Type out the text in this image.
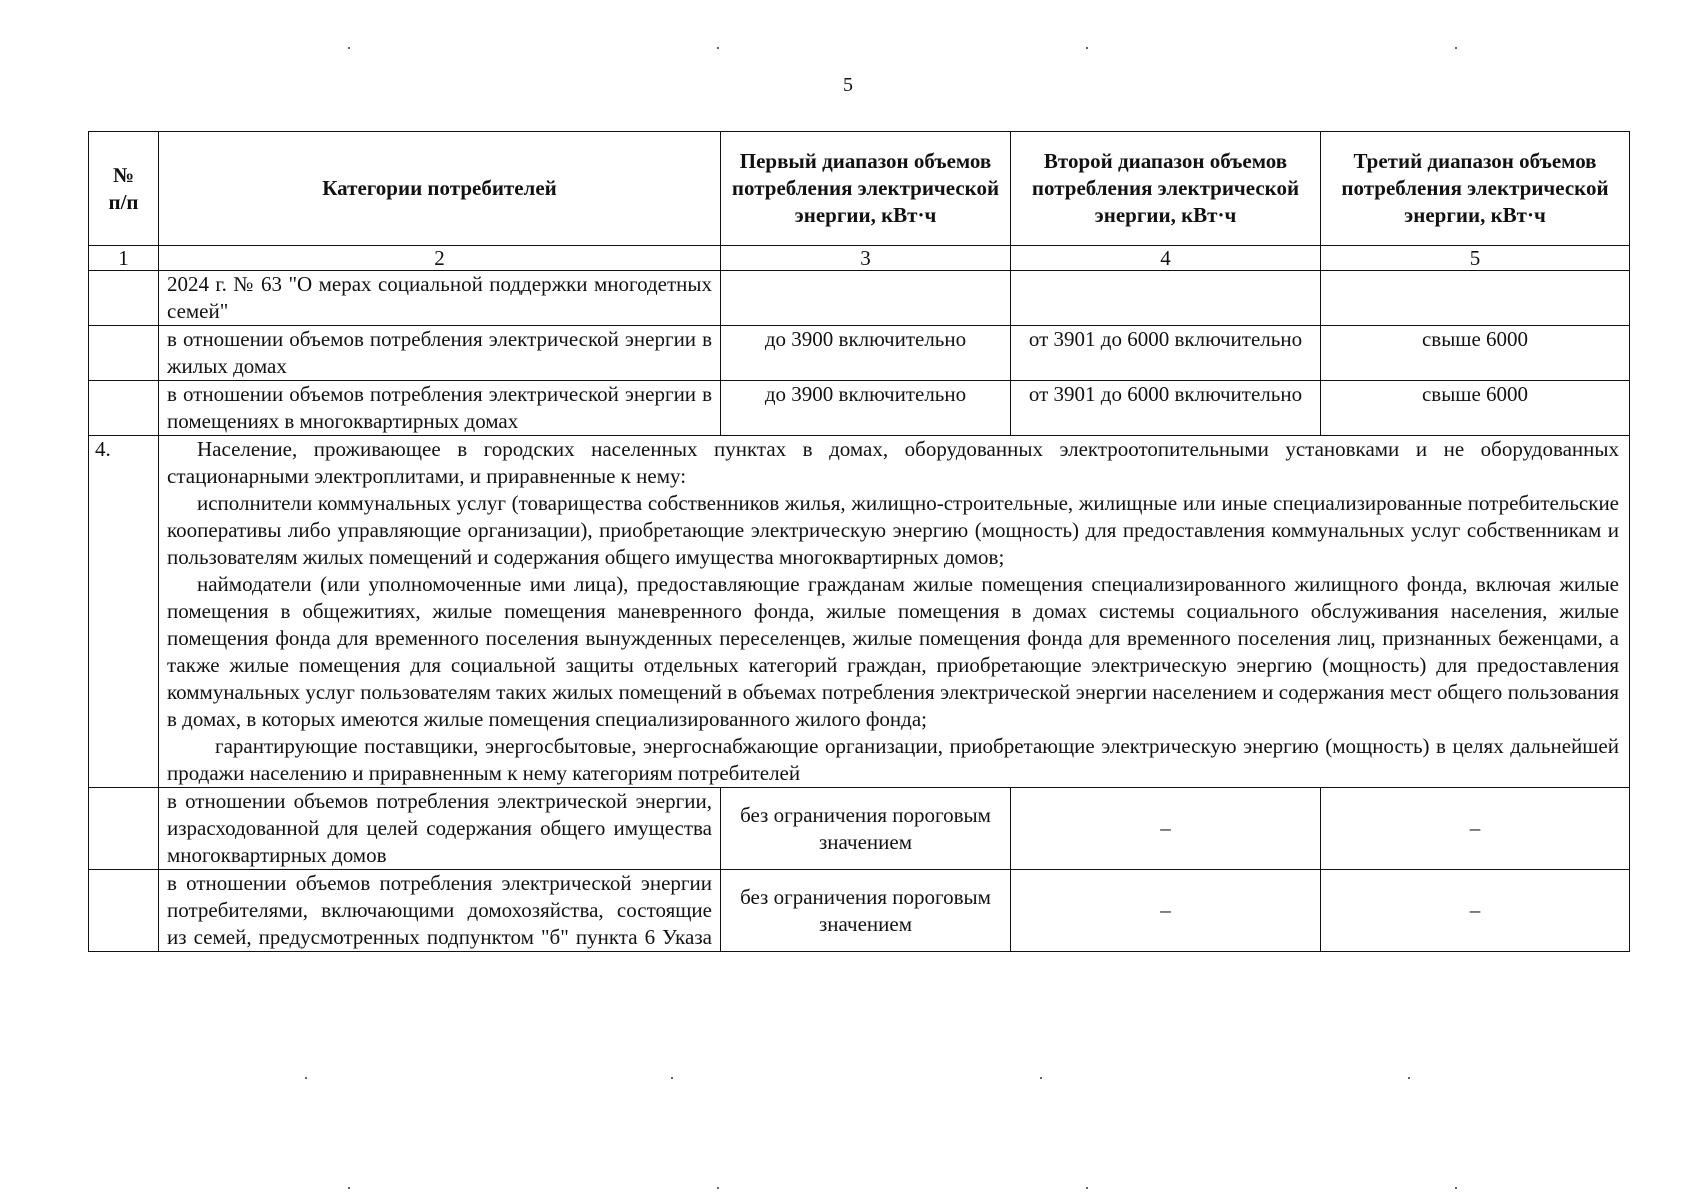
5
№
п/п	Категории потребителей	Первый диапазон объемов потребления электрической энергии, кВт·ч	Второй диапазон объемов потребления электрической энергии, кВт·ч	Третий диапазон объемов потребления электрической энергии, кВт·ч
1	2	3	4	5
	2024 г. № 63 "О мерах социальной поддержки многодетных семей"			
	в отношении объемов потребления электрической энергии в жилых домах	до 3900 включительно	от 3901 до 6000 включительно	свыше 6000
	в отношении объемов потребления электрической энергии в помещениях в многоквартирных домах	до 3900 включительно	от 3901 до 6000 включительно	свыше 6000
4.	Население, проживающее в городских населенных пунктах в домах, оборудованных электроотопительными установками и не оборудованных стационарными электроплитами, и приравненные к нему:

исполнители коммунальных услуг (товарищества собственников жилья, жилищно-строительные, жилищные или иные специализированные потребительские кооперативы либо управляющие организации), приобретающие электрическую энергию (мощность) для предоставления коммунальных услуг собственникам и пользователям жилых помещений и содержания общего имущества многоквартирных домов;

наймодатели (или уполномоченные ими лица), предоставляющие гражданам жилые помещения специализированного жилищного фонда, включая жилые помещения в общежитиях, жилые помещения маневренного фонда, жилые помещения в домах системы социального обслуживания населения, жилые помещения фонда для временного поселения вынужденных переселенцев, жилые помещения фонда для временного поселения лиц, признанных беженцами, а также жилые помещения для социальной защиты отдельных категорий граждан, приобретающие электрическую энергию (мощность) для предоставления коммунальных услуг пользователям таких жилых помещений в объемах потребления электрической энергии населением и содержания мест общего пользования в домах, в которых имеются жилые помещения специализированного жилого фонда;

гарантирующие поставщики, энергосбытовые, энергоснабжающие организации, приобретающие электрическую энергию (мощность) в целях дальнейшей продажи населению и приравненным к нему категориям потребителей			

	в отношении объемов потребления электрической энергии, израсходованной для целей содержания общего имущества многоквартирных домов	без ограничения пороговым значением	–	–
	в отношении объемов потребления электрической энергии потребителями, включающими домохозяйства, состоящие из семей, предусмотренных подпунктом "б" пункта 6 Указа	без ограничения пороговым значением	–	–
